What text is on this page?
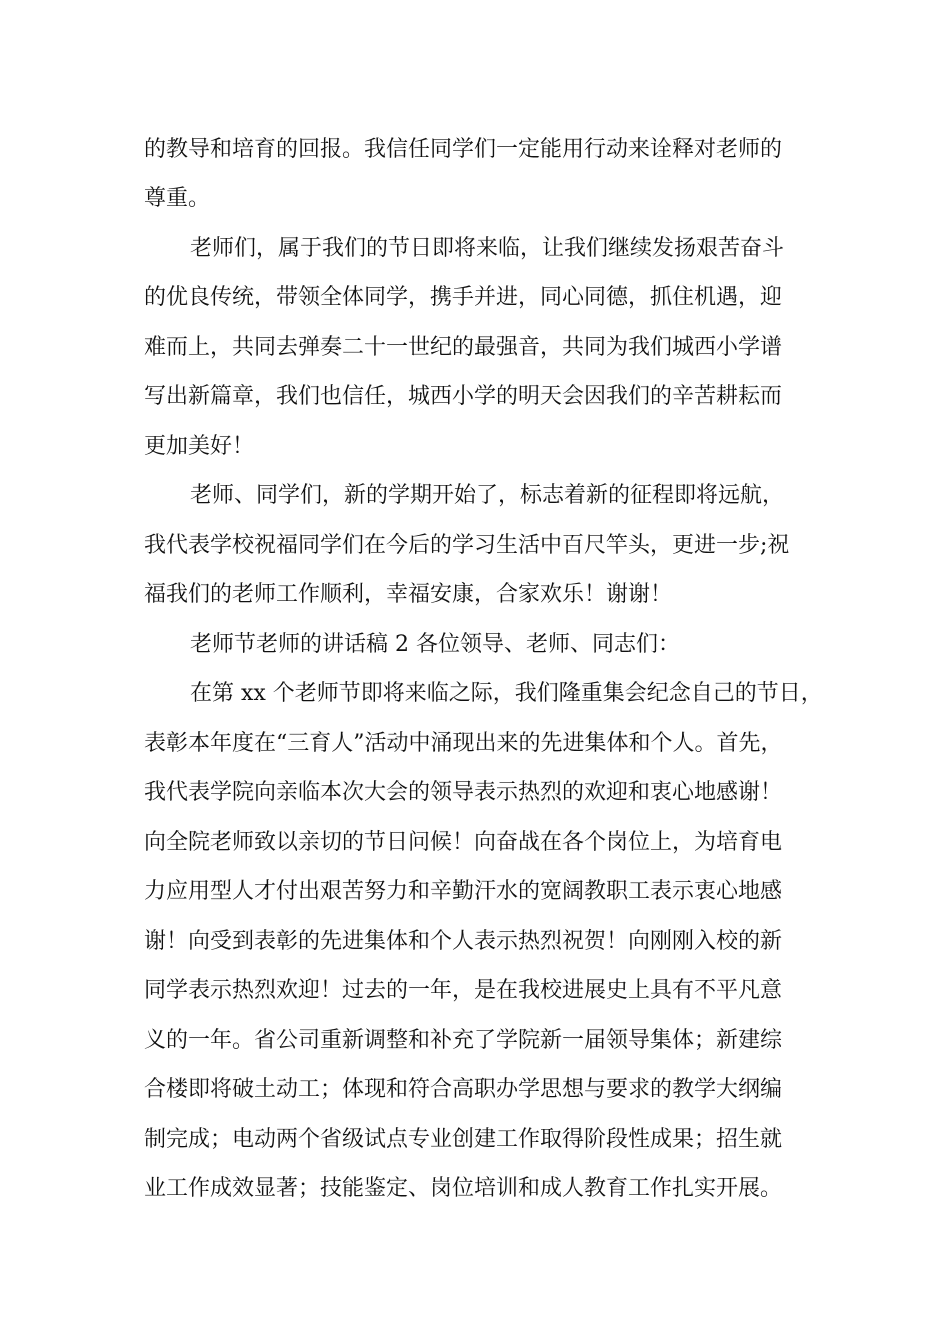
的教导和培育的回报。我信任同学们一定能用行动来诠释对老师的
尊重。
老师们，属于我们的节日即将来临，让我们继续发扬艰苦奋斗
的优良传统，带领全体同学，携手并进，同心同德，抓住机遇，迎
难而上，共同去弹奏二十一世纪的最强音，共同为我们城西小学谱
写出新篇章，我们也信任，城西小学的明天会因我们的辛苦耕耘而
更加美好！
老师、同学们，新的学期开始了，标志着新的征程即将远航，
我代表学校祝福同学们在今后的学习生活中百尺竿头，更进一步;祝
福我们的老师工作顺利，幸福安康，合家欢乐！谢谢！
老师节老师的讲话稿 2 各位领导、老师、同志们：
在第 xx 个老师节即将来临之际，我们隆重集会纪念自己的节日，
表彰本年度在“三育人”活动中涌现出来的先进集体和个人。首先，
我代表学院向亲临本次大会的领导表示热烈的欢迎和衷心地感谢！
向全院老师致以亲切的节日问候！向奋战在各个岗位上，为培育电
力应用型人才付出艰苦努力和辛勤汗水的宽阔教职工表示衷心地感
谢！向受到表彰的先进集体和个人表示热烈祝贺！向刚刚入校的新
同学表示热烈欢迎！过去的一年，是在我校进展史上具有不平凡意
义的一年。省公司重新调整和补充了学院新一届领导集体；新建综
合楼即将破土动工；体现和符合高职办学思想与要求的教学大纲编
制完成；电动两个省级试点专业创建工作取得阶段性成果；招生就
业工作成效显著；技能鉴定、岗位培训和成人教育工作扎实开展。
